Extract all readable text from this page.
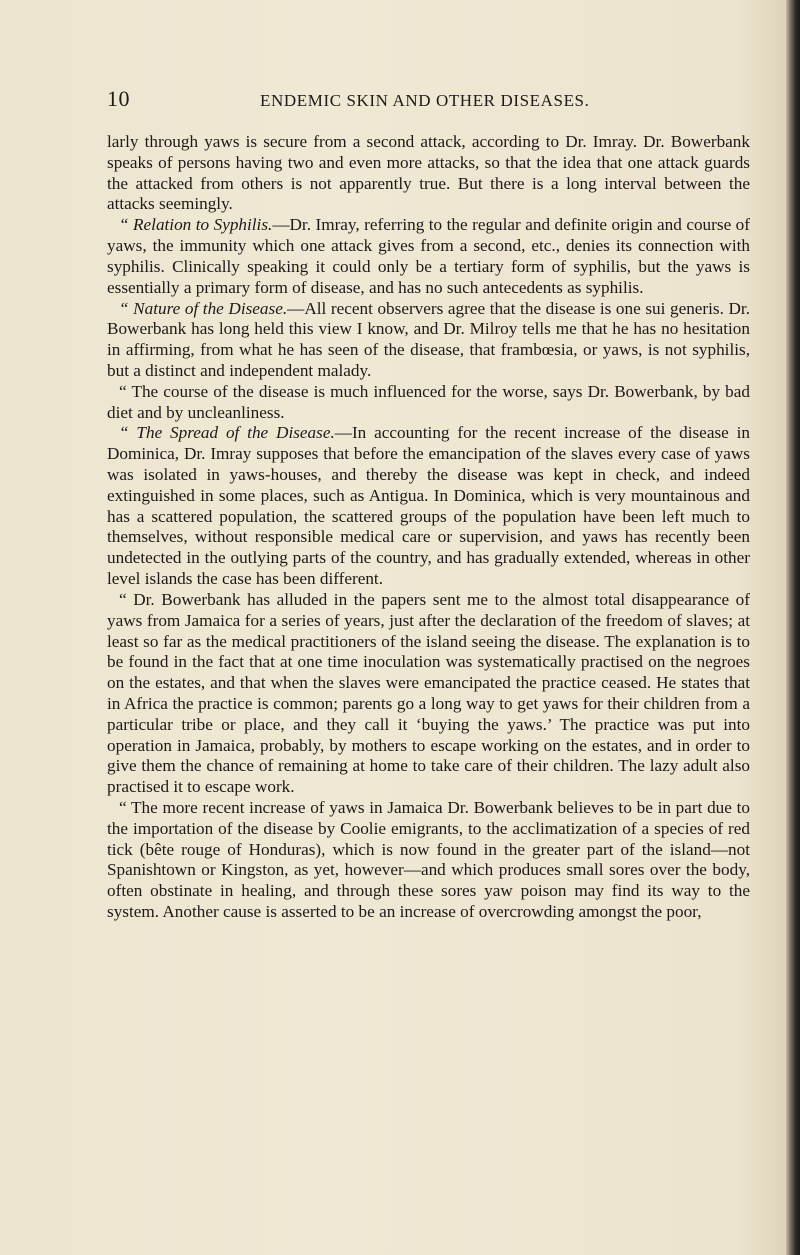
10	ENDEMIC SKIN AND OTHER DISEASES.

larly through yaws is secure from a second attack, according to Dr. Imray. Dr. Bowerbank speaks of persons having two and even more attacks, so that the idea that one attack guards the attacked from others is not apparently true. But there is a long interval between the attacks seemingly.

“ Relation to Syphilis.—Dr. Imray, referring to the regular and definite origin and course of yaws, the immunity which one attack gives from a second, etc., denies its connection with syphilis. Clinically speaking it could only be a tertiary form of syphilis, but the yaws is essentially a primary form of disease, and has no such antecedents as syphilis.

“ Nature of the Disease.—All recent observers agree that the disease is one sui generis. Dr. Bowerbank has long held this view I know, and Dr. Milroy tells me that he has no hesitation in affirming, from what he has seen of the disease, that frambœsia, or yaws, is not syphilis, but a distinct and independent malady.

“ The course of the disease is much influenced for the worse, says Dr. Bowerbank, by bad diet and by uncleanliness.

“ The Spread of the Disease.—In accounting for the recent increase of the disease in Dominica, Dr. Imray supposes that before the emancipation of the slaves every case of yaws was isolated in yaws-houses, and thereby the disease was kept in check, and indeed extinguished in some places, such as Antigua. In Dominica, which is very mountainous and has a scattered population, the scattered groups of the population have been left much to themselves, without responsible medical care or supervision, and yaws has recently been undetected in the outlying parts of the country, and has gradually extended, whereas in other level islands the case has been different.

“ Dr. Bowerbank has alluded in the papers sent me to the almost total disappearance of yaws from Jamaica for a series of years, just after the declaration of the freedom of slaves; at least so far as the medical practitioners of the island seeing the disease. The explanation is to be found in the fact that at one time inoculation was systematically practised on the negroes on the estates, and that when the slaves were emancipated the practice ceased. He states that in Africa the practice is common; parents go a long way to get yaws for their children from a particular tribe or place, and they call it ‘buying the yaws.’ The practice was put into operation in Jamaica, probably, by mothers to escape working on the estates, and in order to give them the chance of remaining at home to take care of their children. The lazy adult also practised it to escape work.

“ The more recent increase of yaws in Jamaica Dr. Bowerbank believes to be in part due to the importation of the disease by Coolie emigrants, to the acclimatization of a species of red tick (bête rouge of Honduras), which is now found in the greater part of the island—not Spanishtown or Kingston, as yet, however—and which produces small sores over the body, often obstinate in healing, and through these sores yaw poison may find its way to the system. Another cause is asserted to be an increase of overcrowding amongst the poor,
